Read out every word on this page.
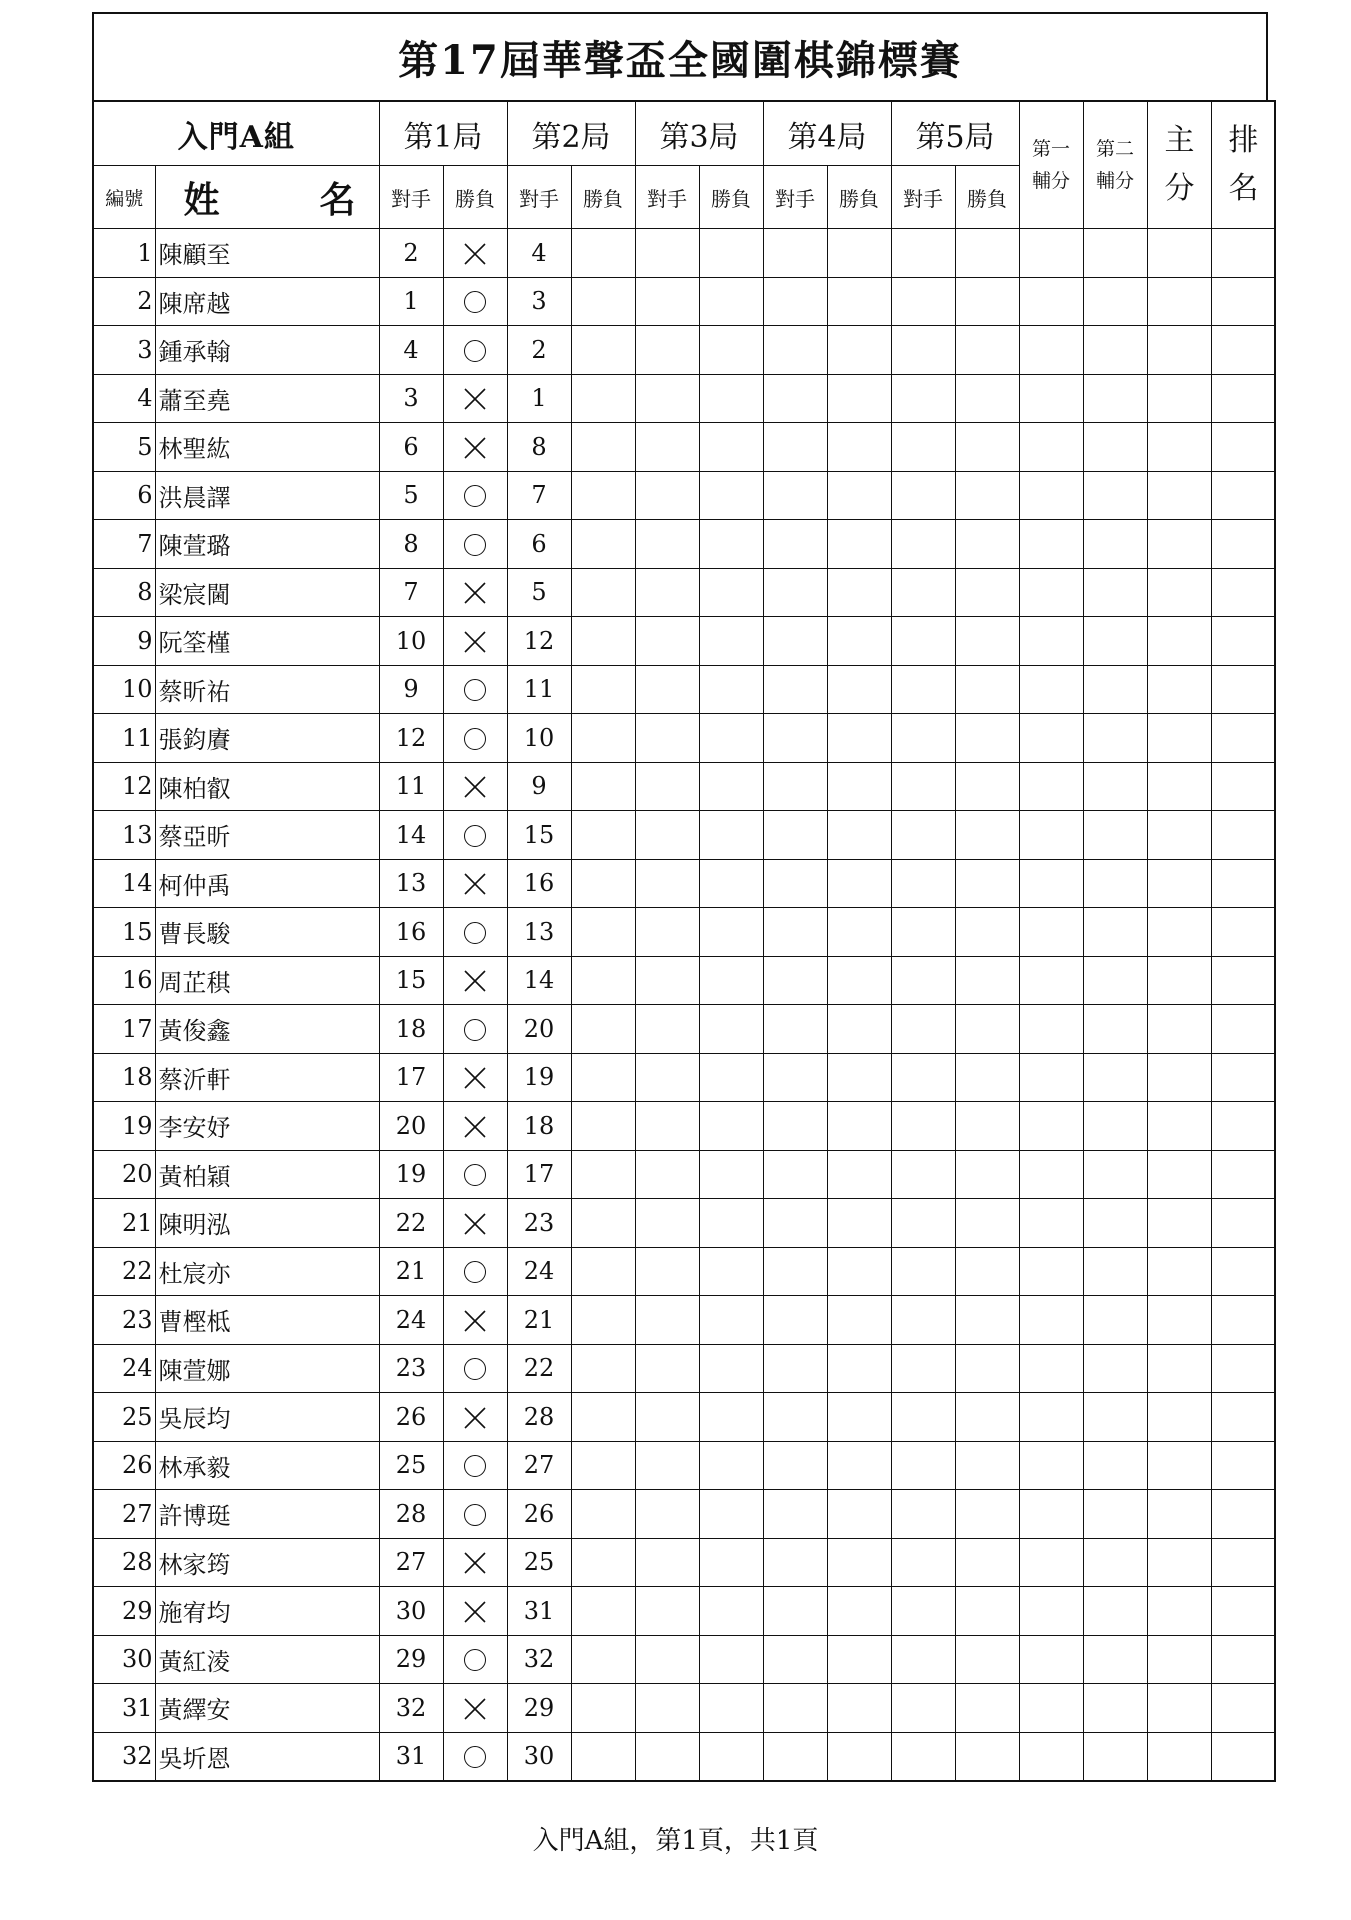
第17屆華聲盃全國圍棋錦標賽
入門A組		第1局		第2局		第3局		第4局		第5局		第一輔分	第二輔分	主分	排名
編號	姓 名	對手	勝負	對手	勝負	對手	勝負	對手	勝負	對手	勝負				
1	陳顧至	2		4											
2	陳席越	1		3											
3	鍾承翰	4		2											
4	蕭至堯	3		1											
5	林聖紘	6		8											
6	洪晨譯	5		7											
7	陳萱璐	8		6											
8	梁宸閫	7		5											
9	阮筌槿	10		12											
10	蔡昕祐	9		11											
11	張鈞賡	12		10											
12	陳柏叡	11		9											
13	蔡亞昕	14		15											
14	柯仲禹	13		16											
15	曹長駿	16		13											
16	周芷稘	15		14											
17	黃俊鑫	18		20											
18	蔡沂軒	17		19											
19	李安妤	20		18											
20	黃柏穎	19		17											
21	陳明泓	22		23											
22	杜宸亦	21		24											
23	曹樫柢	24		21											
24	陳萱娜	23		22											
25	吳辰均	26		28											
26	林承毅	25		27											
27	許博珽	28		26											
28	林家筠	27		25											
29	施宥均	30		31											
30	黃紅淩	29		32											
31	黃繹安	32		29											
32	吳圻恩	31		30											
入門A組，第1頁，共1頁
